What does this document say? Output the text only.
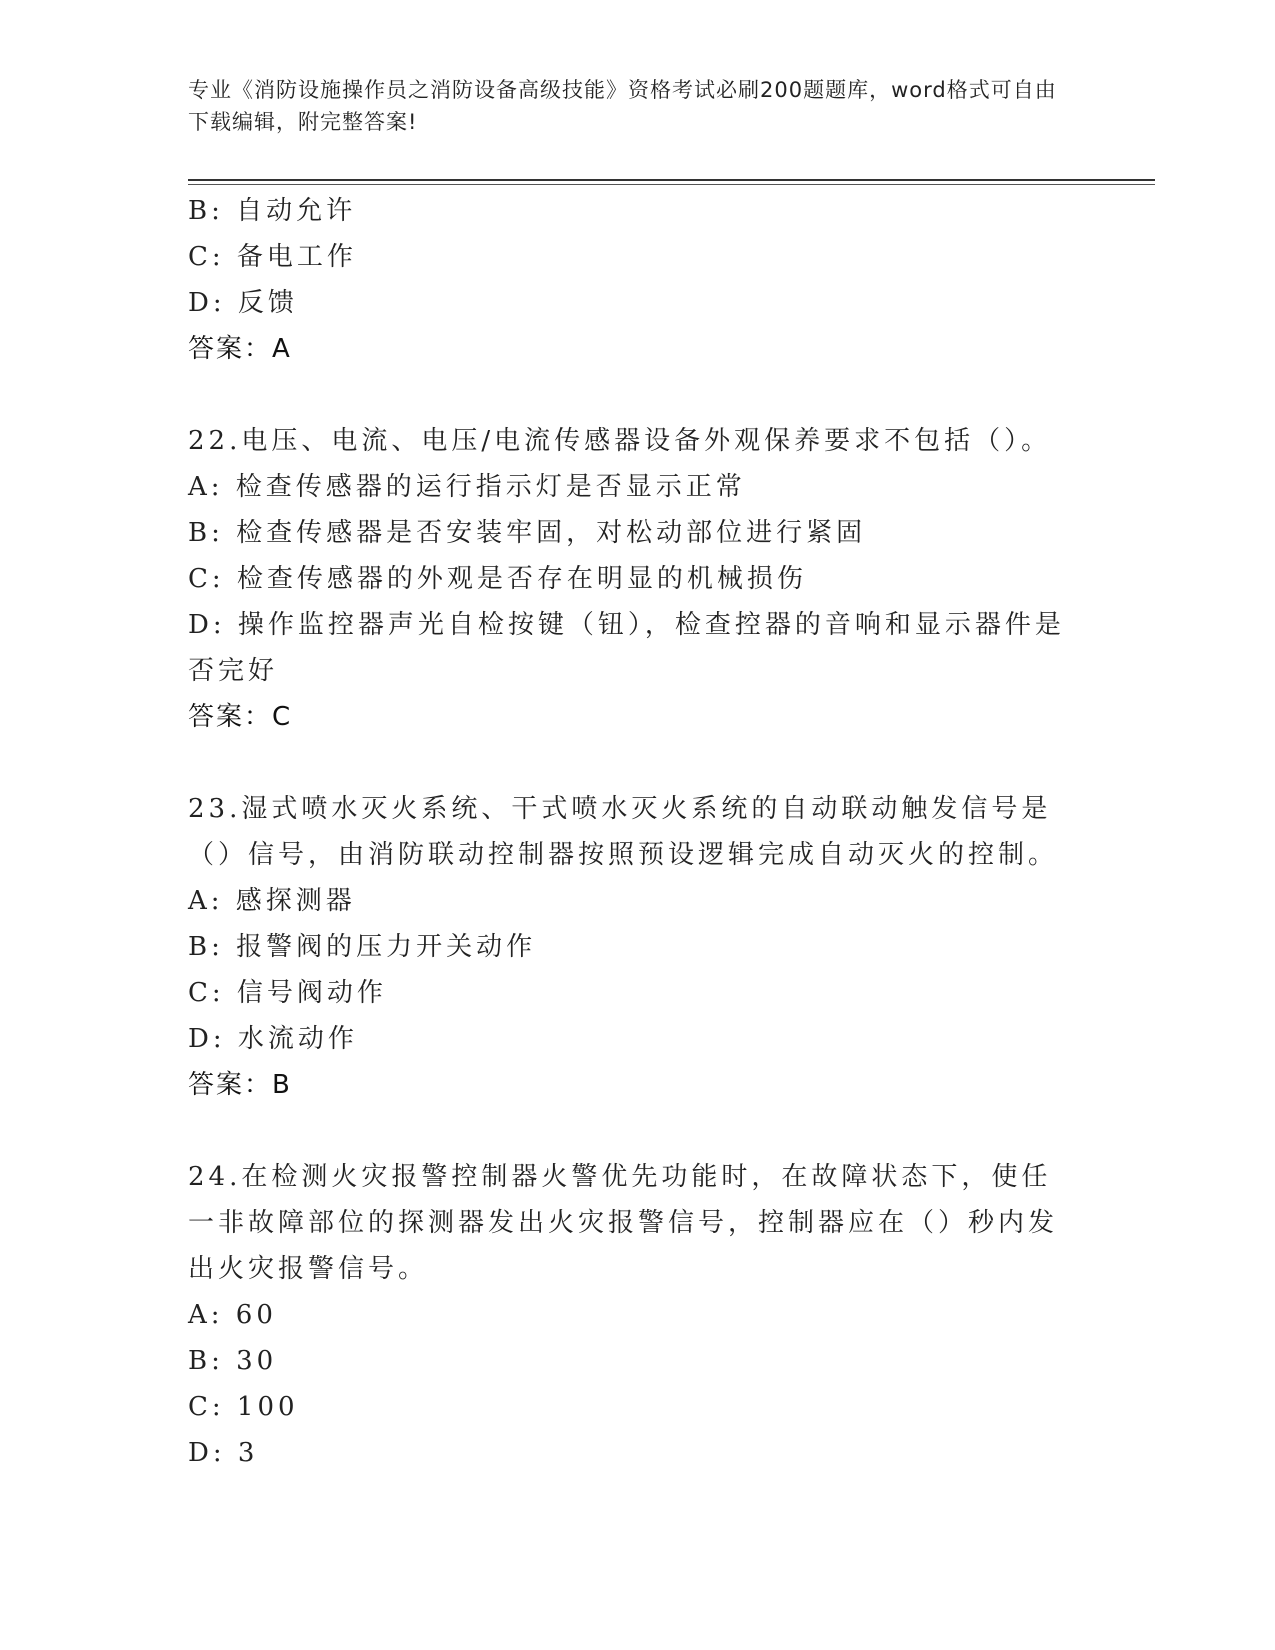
专业《消防设施操作员之消防设备高级技能》资格考试必刷200题题库，word格式可自由下载编辑，附完整答案!
B: 自动允许
C: 备电工作
D: 反馈
答案：A
22.电压、电流、电压/电流传感器设备外观保养要求不包括（）。
A: 检查传感器的运行指示灯是否显示正常
B: 检查传感器是否安装牢固，对松动部位进行紧固
C: 检查传感器的外观是否存在明显的机械损伤
D: 操作监控器声光自检按键（钮），检查控器的音响和显示器件是否完好
答案：C
23.湿式喷水灭火系统、干式喷水灭火系统的自动联动触发信号是（）信号，由消防联动控制器按照预设逻辑完成自动灭火的控制。
A: 感探测器
B: 报警阀的压力开关动作
C: 信号阀动作
D: 水流动作
答案：B
24.在检测火灾报警控制器火警优先功能时，在故障状态下，使任一非故障部位的探测器发出火灾报警信号，控制器应在（）秒内发出火灾报警信号。
A: 60
B: 30
C: 100
D: 3
